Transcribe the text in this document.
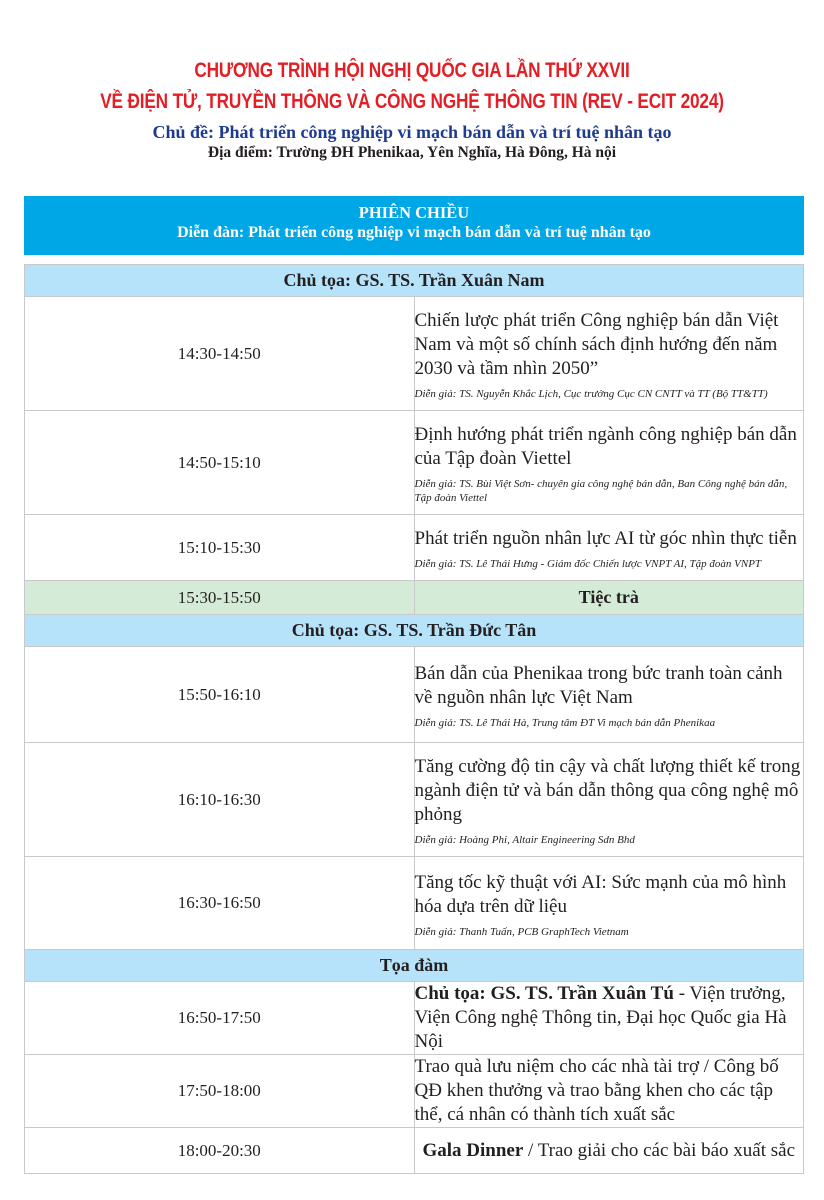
CHƯƠNG TRÌNH HỘI NGHỊ QUỐC GIA LẦN THỨ XXVII
VỀ ĐIỆN TỬ, TRUYỀN THÔNG VÀ CÔNG NGHỆ THÔNG TIN (REV - ECIT 2024)
Chủ đề: Phát triển công nghiệp vi mạch bán dẫn và trí tuệ nhân tạo
Địa điểm: Trường ĐH Phenikaa, Yên Nghĩa, Hà Đông, Hà nội
PHIÊN CHIỀU
Diễn đàn: Phát triển công nghiệp vi mạch bán dẫn và trí tuệ nhân tạo
Chủ tọa: GS. TS. Trần Xuân Nam	
14:30-14:50	Chiến lược phát triển Công nghiệp bán dẫn Việt Nam và một số chính sách định hướng đến năm 2030 và tầm nhìn 2050”
Diễn giả: TS. Nguyễn Khắc Lịch, Cục trưởng Cục CN CNTT và TT (Bộ TT&TT)

14:50-15:10	Định hướng phát triển ngành công nghiệp bán dẫn của Tập đoàn Viettel
Diễn giả: TS. Bùi Việt Sơn- chuyên gia công nghệ bán dẫn, Ban Công nghệ bán dẫn, Tập đoàn Viettel

15:10-15:30	Phát triển nguồn nhân lực AI từ góc nhìn thực tiễn
Diễn giả: TS. Lê Thái Hưng - Giám đốc Chiến lược VNPT AI, Tập đoàn VNPT

15:30-15:50	Tiệc trà
Chủ tọa: GS. TS. Trần Đức Tân	
15:50-16:10	Bán dẫn của Phenikaa trong bức tranh toàn cảnh về nguồn nhân lực Việt Nam
Diễn giả: TS. Lê Thái Hà, Trung tâm ĐT Vi mạch bán dẫn Phenikaa

16:10-16:30	Tăng cường độ tin cậy và chất lượng thiết kế trong ngành điện tử và bán dẫn thông qua công nghệ mô phỏng
Diễn giả: Hoàng Phi, Altair Engineering Sdn Bhd

16:30-16:50	Tăng tốc kỹ thuật với AI: Sức mạnh của mô hình hóa dựa trên dữ liệu
Diễn giả: Thanh Tuấn, PCB GraphTech Vietnam

Tọa đàm	
16:50-17:50	Chủ tọa: GS. TS. Trần Xuân Tú - Viện trưởng, Viện Công nghệ Thông tin, Đại học Quốc gia Hà Nội
17:50-18:00	Trao quà lưu niệm cho các nhà tài trợ / Công bố QĐ khen thưởng và trao bằng khen cho các tập thể, cá nhân có thành tích xuất sắc
18:00-20:30	Gala Dinner / Trao giải cho các bài báo xuất sắc
